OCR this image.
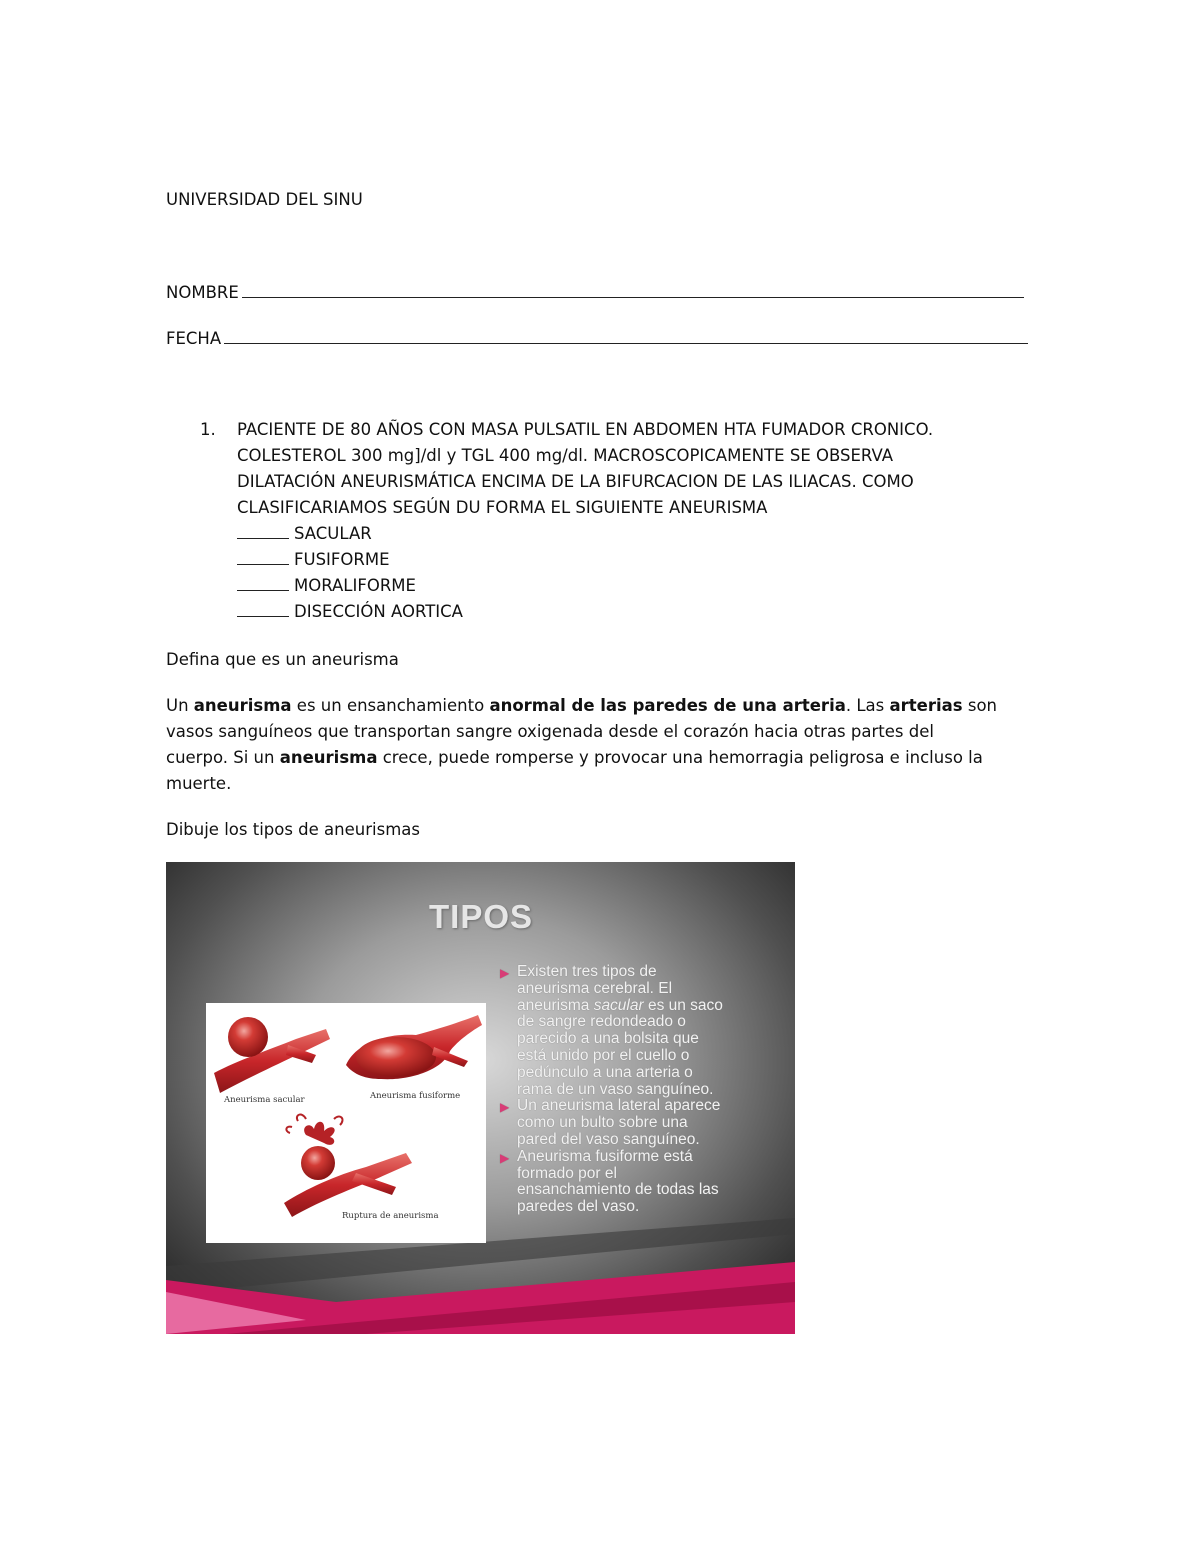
UNIVERSIDAD DEL SINU
NOMBRE
FECHA
1. PACIENTE DE 80 AÑOS CON MASA PULSATIL EN ABDOMEN HTA FUMADOR CRONICO.
COLESTEROL 300 mg]/dl y TGL 400 mg/dl. MACROSCOPICAMENTE SE OBSERVA
DILATACIÓN ANEURISMÁTICA ENCIMA DE LA BIFURCACION DE LAS ILIACAS. COMO
CLASIFICARIAMOS SEGÚN DU FORMA EL SIGUIENTE ANEURISMA
SACULAR
FUSIFORME
MORALIFORME
DISECCIÓN AORTICA
Defina que es un aneurisma
Un aneurisma es un ensanchamiento anormal de las paredes de una arteria. Las arterias son
vasos sanguíneos que transportan sangre oxigenada desde el corazón hacia otras partes del
cuerpo. Si un aneurisma crece, puede romperse y provocar una hemorragia peligrosa e incluso la
muerte.
Dibuje los tipos de aneurismas
TIPOS
Aneurisma sacular	Aneurisma fusiforme
Ruptura de aneurisma
▶ Existen tres tipos de
aneurisma cerebral. El
aneurisma sacular es un saco
de sangre redondeado o
parecido a una bolsita que
está unido por el cuello o
pedúnculo a una arteria o
rama de un vaso sanguíneo.
▶ Un aneurisma lateral aparece
como un bulto sobre una
pared del vaso sanguíneo.
▶ Aneurisma fusiforme está
formado por el
ensanchamiento de todas las
paredes del vaso.
